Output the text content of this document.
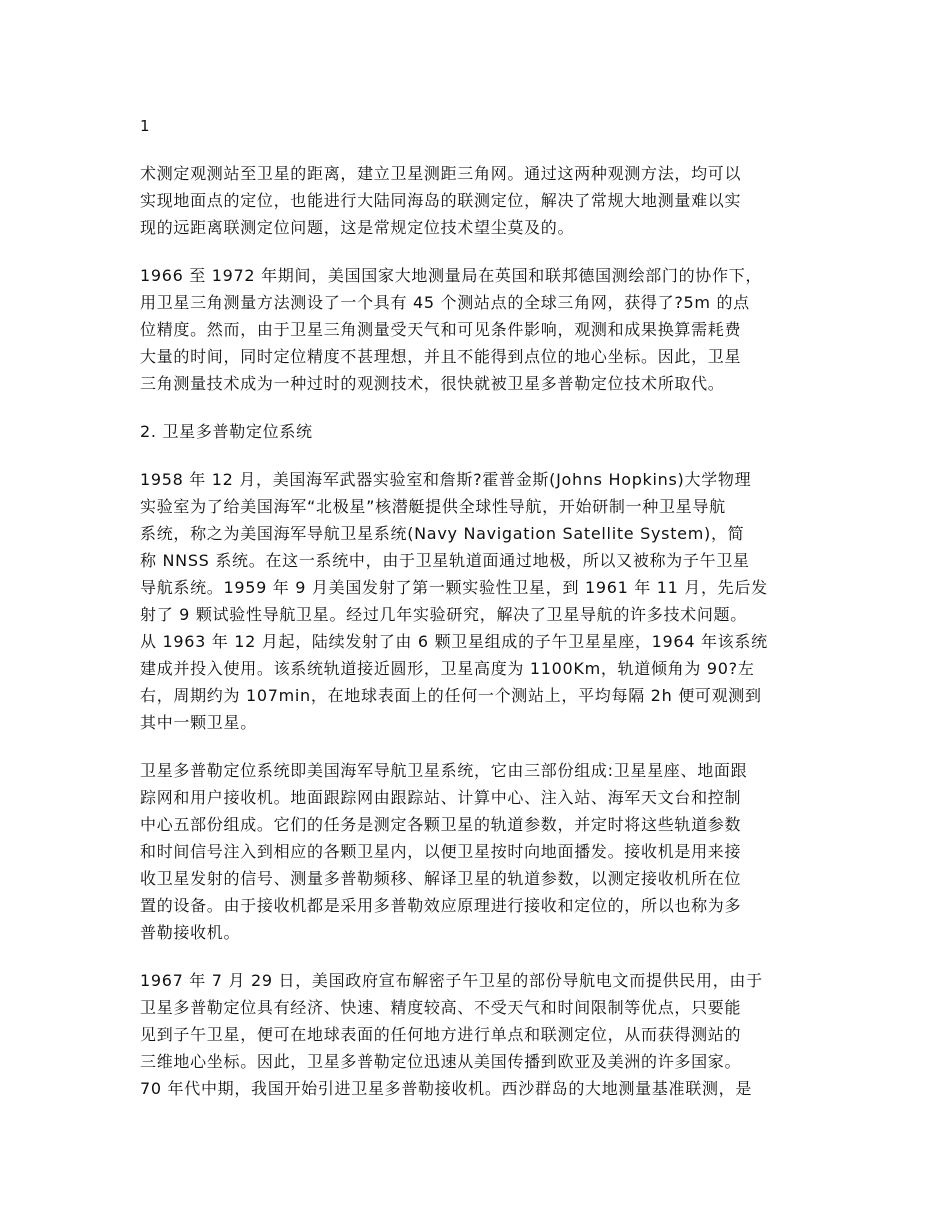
1
术测定观测站至卫星的距离，建立卫星测距三角网。通过这两种观测方法，均可以
实现地面点的定位，也能进行大陆同海岛的联测定位，解决了常规大地测量难以实
现的远距离联测定位问题，这是常规定位技术望尘莫及的。
1966 至 1972 年期间，美国国家大地测量局在英国和联邦德国测绘部门的协作下，
用卫星三角测量方法测设了一个具有 45 个测站点的全球三角网，获得了?5m 的点
位精度。然而，由于卫星三角测量受天气和可见条件影响，观测和成果换算需耗费
大量的时间，同时定位精度不甚理想，并且不能得到点位的地心坐标。因此，卫星
三角测量技术成为一种过时的观测技术，很快就被卫星多普勒定位技术所取代。
2. 卫星多普勒定位系统
1958 年 12 月，美国海军武器实验室和詹斯?霍普金斯(Johns Hopkins)大学物理
实验室为了给美国海军“北极星”核潜艇提供全球性导航，开始研制一种卫星导航
系统，称之为美国海军导航卫星系统(Navy Navigation Satellite System)，简
称 NNSS 系统。在这一系统中，由于卫星轨道面通过地极，所以又被称为子午卫星
导航系统。1959 年 9 月美国发射了第一颗实验性卫星，到 1961 年 11 月，先后发
射了 9 颗试验性导航卫星。经过几年实验研究，解决了卫星导航的许多技术问题。
从 1963 年 12 月起，陆续发射了由 6 颗卫星组成的子午卫星星座，1964 年该系统
建成并投入使用。该系统轨道接近圆形，卫星高度为 1100Km，轨道倾角为 90?左
右，周期约为 107min，在地球表面上的任何一个测站上，平均每隔 2h 便可观测到
其中一颗卫星。
卫星多普勒定位系统即美国海军导航卫星系统，它由三部份组成:卫星星座、地面跟
踪网和用户接收机。地面跟踪网由跟踪站、计算中心、注入站、海军天文台和控制
中心五部份组成。它们的任务是测定各颗卫星的轨道参数，并定时将这些轨道参数
和时间信号注入到相应的各颗卫星内，以便卫星按时向地面播发。接收机是用来接
收卫星发射的信号、测量多普勒频移、解译卫星的轨道参数，以测定接收机所在位
置的设备。由于接收机都是采用多普勒效应原理进行接收和定位的，所以也称为多
普勒接收机。
1967 年 7 月 29 日，美国政府宣布解密子午卫星的部份导航电文而提供民用，由于
卫星多普勒定位具有经济、快速、精度较高、不受天气和时间限制等优点，只要能
见到子午卫星，便可在地球表面的任何地方进行单点和联测定位，从而获得测站的
三维地心坐标。因此，卫星多普勒定位迅速从美国传播到欧亚及美洲的许多国家。
70 年代中期，我国开始引进卫星多普勒接收机。西沙群岛的大地测量基准联测，是
